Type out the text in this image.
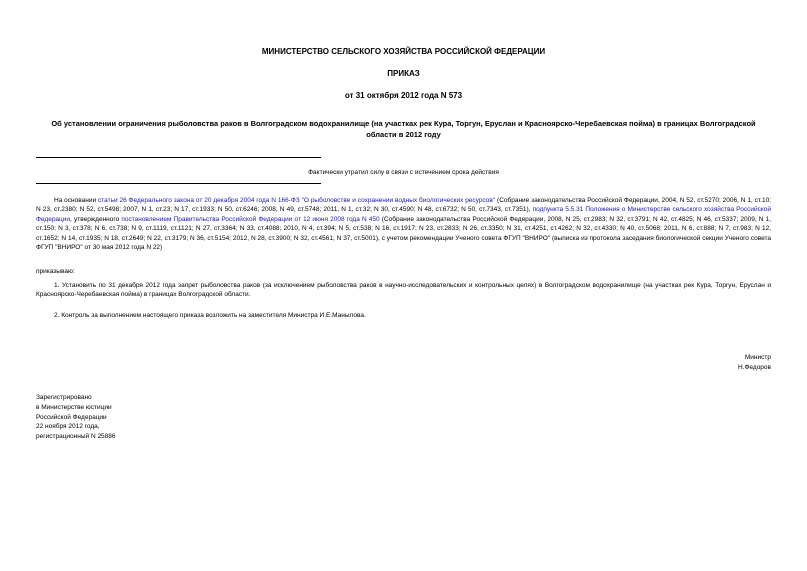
МИНИСТЕРСТВО СЕЛЬСКОГО ХОЗЯЙСТВА РОССИЙСКОЙ ФЕДЕРАЦИИ
ПРИКАЗ
от 31 октября 2012 года N 573
Об установлении ограничения рыболовства раков в Волгоградском водохранилище (на участках рек Кура, Торгун, Еруслан и Красноярско-Черебаевская пойма) в границах Волгоградской области в 2012 году
Фактически утратил силу в связи с истечением срока действия
На основании статьи 26 Федерального закона от 20 декабря 2004 года N 166-ФЗ "О рыболовстве и сохранении водных биологических ресурсов" (Собрание законодательства Российской Федерации, 2004, N 52, ст.5270; 2006, N 1, ст.10; N 23, ст.2380; N 52, ст.5498; 2007, N 1, ст.23; N 17, ст.1933; N 50, ст.6246; 2008, N 49, ст.5748; 2011, N 1, ст.32; N 30, ст.4590; N 48, ст.6732; N 50, ст.7343, ст.7351), подпункта 5.5.31 Положения о Министерстве сельского хозяйства Российской Федерации, утвержденного постановлением Правительства Российской Федерации от 12 июня 2008 года N 450 (Собрание законодательства Российской Федерации, 2008, N 25, ст.2983; N 32, ст.3791; N 42, ст.4825; N 46, ст.5337; 2009, N 1, ст.150; N 3, ст.378; N 6, ст.738; N 9, ст.1119, ст.1121; N 27, ст.3364; N 33, ст.4088; 2010, N 4, ст.394; N 5, ст.538; N 16, ст.1917; N 23, ст.2833; N 26, ст.3350; N 31, ст.4251, ст.4262; N 32, ст.4330; N 40, ст.5068; 2011, N 6, ст.888; N 7, ст.983; N 12, ст.1652; N 14, ст.1935; N 18, ст.2649; N 22, ст.3179; N 36, ст.5154; 2012, N 28, ст.3900; N 32, ст.4561; N 37, ст.5001), с учетом рекомендации Ученого совета ФГУП "ВНИРО" (выписка из протокола заседания биологической секции Ученого совета ФГУП "ВНИРО" от 30 мая 2012 года N 22)
приказываю:
1. Установить по 31 декабря 2012 года запрет рыболовства раков (за исключением рыболовства раков в научно-исследовательских и контрольных целях) в Волгоградском водохранилище (на участках рек Кура, Торгун, Еруслан и Красноярско-Черебаевская пойма) в границах Волгоградской области.
2. Контроль за выполнением настоящего приказа возложить на заместителя Министра И.Е.Манылова.
Министр
Н.Федоров
Зарегистрировано
в Министерстве юстиции
Российской Федерации
22 ноября 2012 года,
регистрационный N 25886
